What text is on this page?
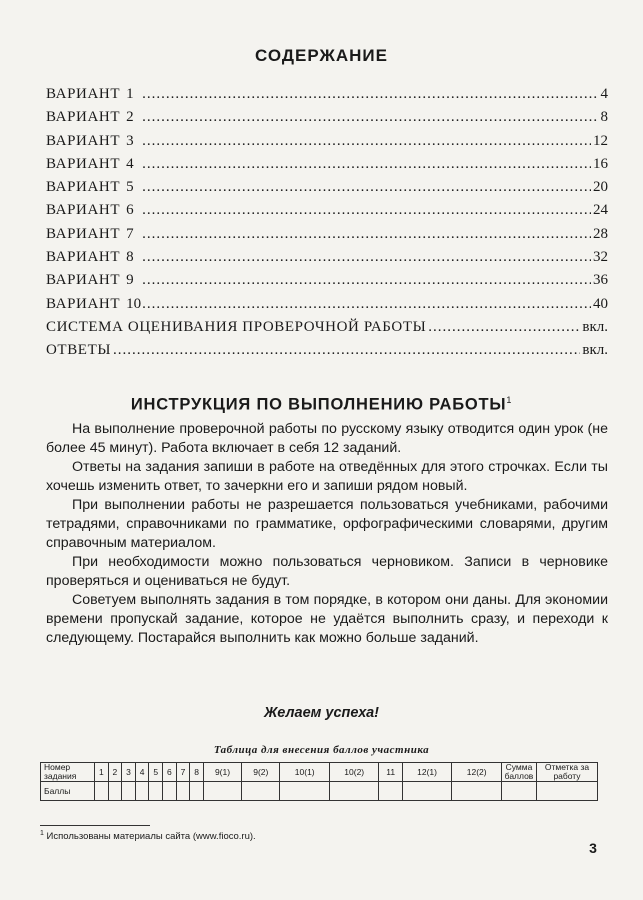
СОДЕРЖАНИЕ
ВАРИАНТ 1 .....	4
ВАРИАНТ 2 .....	8
ВАРИАНТ 3 .....	12
ВАРИАНТ 4 .....	16
ВАРИАНТ 5 .....	20
ВАРИАНТ 6 .....	24
ВАРИАНТ 7 .....	28
ВАРИАНТ 8 .....	32
ВАРИАНТ 9 .....	36
ВАРИАНТ 10 .....	40
СИСТЕМА ОЦЕНИВАНИЯ ПРОВЕРОЧНОЙ РАБОТЫ .....	вкл.
ОТВЕТЫ .....	вкл.
ИНСТРУКЦИЯ ПО ВЫПОЛНЕНИЮ РАБОТЫ$^1$

На выполнение проверочной работы по русскому языку отводится один урок (не более 45 минут). Работа включает в себя 12 заданий.

Ответы на задания запиши в работе на отведённых для этого строчках. Если ты хочешь изменить ответ, то зачеркни его и запиши рядом новый.

При выполнении работы не разрешается пользоваться учебниками, рабочими тетрадями, справочниками по грамматике, орфографическими словарями, другим справочным материалом.

При необходимости можно пользоваться черновиком. Записи в черновике проверяться и оцениваться не будут.

Советуем выполнять задания в том порядке, в котором они даны. Для экономии времени пропускай задание, которое не удаётся выполнить сразу, и переходи к следующему. Постарайся выполнить как можно больше заданий.

Желаем успеха!
Таблица для внесения баллов участника
Номер задания	1	2	3	4	5	6	7	8	9(1)	9(2)	10(1)	10(2)	11	12(1)	12(2)	Сумма баллов	Отметка за работу
Баллы																	
$^1$ Использованы материалы сайта (www.fioco.ru).
3
